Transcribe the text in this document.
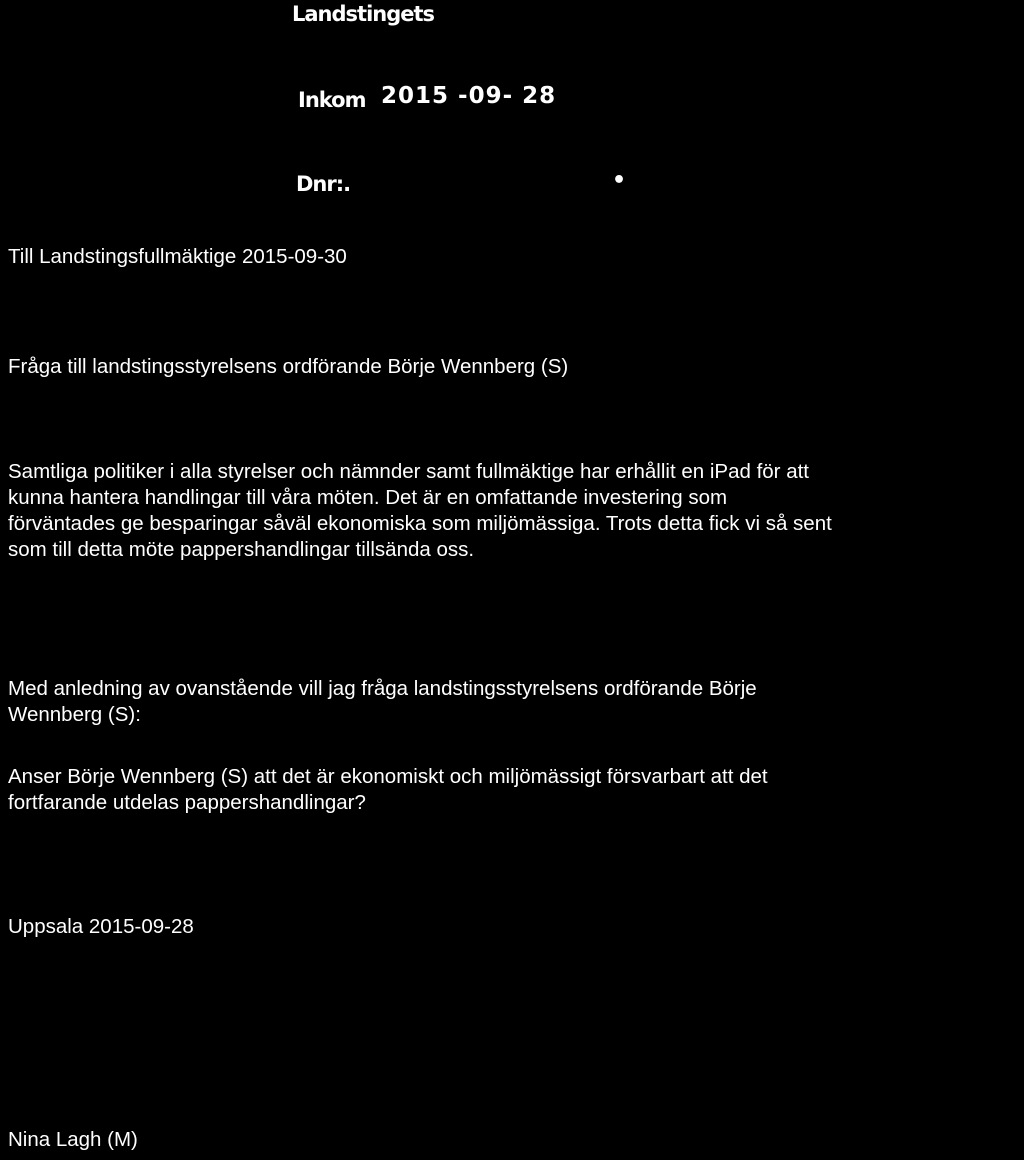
Landstingets
Inkom 2015 -09- 28
Dnr:.	•
Till Landstingsfullmäktige 2015-09-30
Fråga till landstingsstyrelsens ordförande Börje Wennberg (S)
Samtliga politiker i alla styrelser och nämnder samt fullmäktige har erhållit en iPad för att
kunna hantera handlingar till våra möten. Det är en omfattande investering som
förväntades ge besparingar såväl ekonomiska som miljömässiga. Trots detta fick vi så sent
som till detta möte pappershandlingar tillsända oss.
Med anledning av ovanstående vill jag fråga landstingsstyrelsens ordförande Börje
Wennberg (S):
Anser Börje Wennberg (S) att det är ekonomiskt och miljömässigt försvarbart att det
fortfarande utdelas pappershandlingar?
Uppsala 2015-09-28
Nina Lagh (M)
